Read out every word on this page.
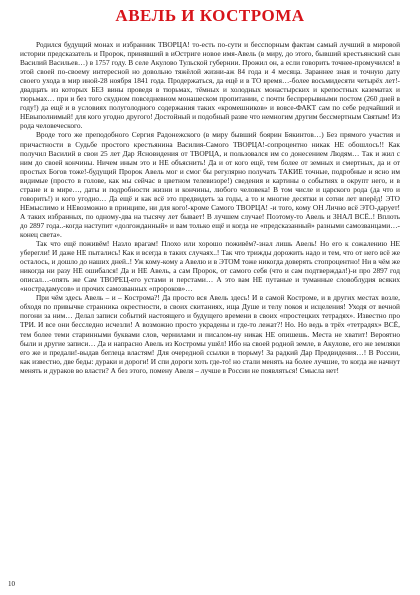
АВЕЛЬ И КОСТРОМА

Родился будущий монах и избранник ТВОРЦА! то-есть по-сути и бесспорным фактам самый лучший в мировой истории предсказатель и Пророк, принявший в иОстриге новое имя-Авель (в миру, до этого, бывший крестьянский сын Василий Васильев…) в 1757 году. В селе Акулово Тульской губернии. Прожил он, а если говорить точнее-промучился! в этой своей по-своему интересной но довольно тяжёлой жизни-аж 84 года и 4 месяца. Зараннее зная и точную дату своего ухода в мир иной-28 ноября 1841 года. Продержаться, да ещё и в ТО время…-более восьмидесяти четырёх лет!-двадцать из которых БЕЗ вины проведя в тюрьмах, тёмных и холодных монастырских и крепостных казематах и тюрьмах… при и без того скудном повседневном монашеском пропитании, с почти беспрерывными постом (260 дней в году!) да ещё и в условиях полуголодного содержания таких «кромешников» и вовсе-ФАКТ сам по себе редчайший и НЕвыполнимый! для кого угодно другого! Достойный и подобный разве что немногим другим бессмертным Святым! Из рода человеческого.

Вроде того же преподобного Сергия Радонежского (в миру бывший боярин Бякинтов…) Без прямого участия и причастности в Судьбе простого крестьянина Василия-Самого ТВОРЦА!-сопроцентно никак НЕ обошлось!! Как получил Василий в свои 25 лет Дар Ясновидения от ТВОРЦА, и пользовался им со донесением Людям… Так и жил с ним до своей кончины. Ничем иным это и НЕ объяснить! Да и от кого ещё, тем более от земных и смертных, да и от простых Богов тоже!-будущий Пророк Авель мог и смог бы регулярно получать ТАКИЕ точные, подробные и ясно им видимые (просто в голове, как мы сейчас в цветном телевизоре!) сведения и картины о событиях в окрупт него, и в стране и в мире…, даты и подробности жизни и кончины, любого человека! В том числе и царского рода (да что и говорить!) и кого угодно… Да ещё и как всё это предвидеть за годы, а то и многие десятки и сотни лет вперёд! ЭТО НЕмыслимо и НЕвозможно в принципе, ни для кого!-кроме Самого ТВОРЦА! -и того, кому ОН Лично всё ЭТО-дарует! А таких избранных, по одному-два на тысячу лет бывает! В лучшем случае! Поэтому-то Авель и ЗНАЛ ВСЁ..! Вплоть до 2897 года..-когда наступит «долгожданный» и вам только ещё и когда не «предсказанный» разными самозванцами…-конец света».

Так что ещё поживём! Назло врагам! Плохо или хорошо поживём?-знал лишь Авель! Но его к сожалению НЕ уберегли! И даже НЕ пытались! Как и всегда в таких случаях..! Так что трижды дорожить надо и тем, что от него всё же осталось, и дошло до наших дней..! Уж кому-кому а Авелю и в ЭТОМ тоже никогда доверять стопроцентно! Ни в чём же никогда ни разу НЕ ошибался! Да и НЕ Авель, а сам Пророк, от самого себя (что и сам подтверждал!)-и про 2897 год описал…-опять же Сам ТВОРЕЦ-его устами и перстами… А это вам НЕ путаные и туманные словоблудия всяких «нострадамусов» и прочих самозванных «пророков»…

При чём здесь Авель – и – Кострома?! Да просто вся Авель здесь! И в самой Костроме, и в других местах возле, обходя по привычке странника окрестности, в своих скитаниях, ища Душе и телу покоя и исцеления! Уходя от вечной погони за ним… Делал записи событий настоящего и будущего времени в своих «простецких тетрадях». Известно про ТРИ. И все они бесследно исчезли! А возможно просто украдены и где-то лежат?! Но. Но ведь в трёх «тетрадях» ВСЁ, тем более теми старинными буквами слов, чернилами и писалом-ну никак НЕ опишешь. Места не хватит! Вероятно были и другие записи… Да и напрасно Авель из Костромы ушёл! Ибо на своей родной земле, в Акулове, его же земляки его же и предали!-выдав беглеца властям! Для очередной ссылки в тюрьму! За радкий Дар Предвидения…! В России, как известно, две беды: дураки и дороги! И спи дороги хоть где-то! но стали менять на более лучшие, то когда же начнут менять и дураков во власти? А без этого, помену Авеля – лучше в России не появляться! Смысла нет!

10
